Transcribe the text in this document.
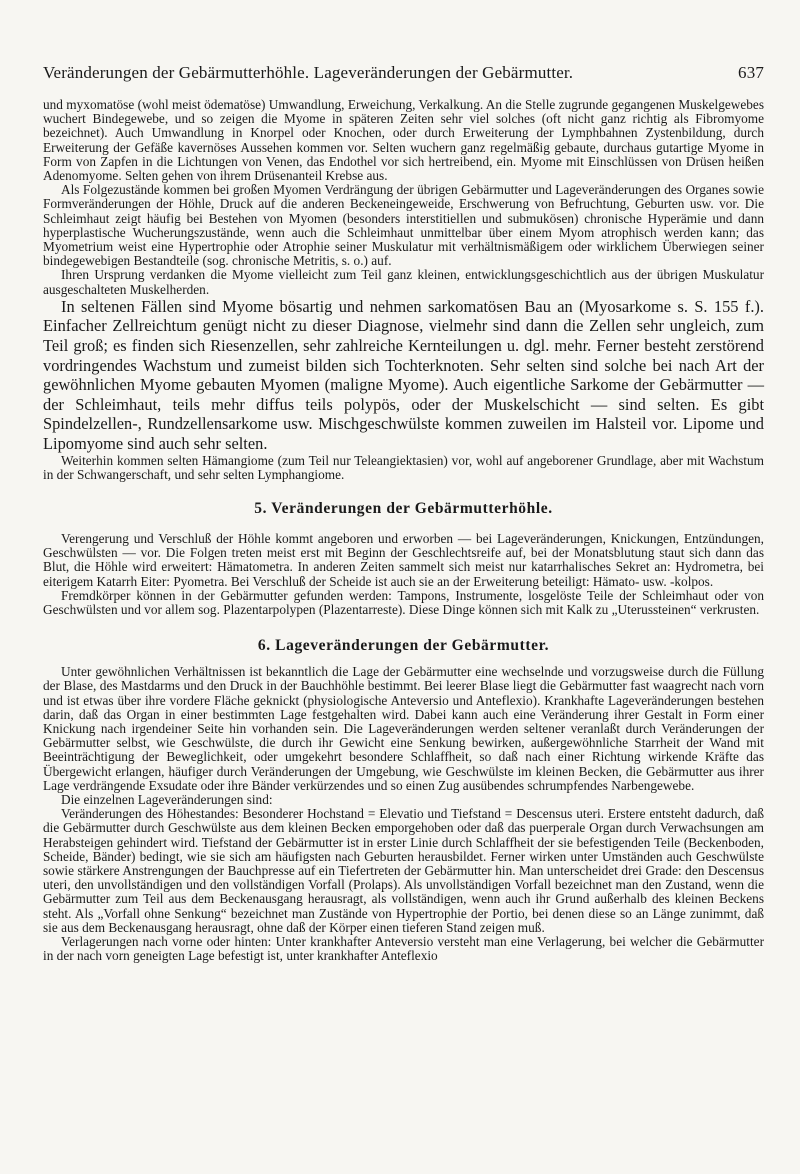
Veränderungen der Gebärmutterhöhle. Lageveränderungen der Gebärmutter.	637

und myxomatöse (wohl meist ödematöse) Umwandlung, Erweichung, Verkalkung. An die Stelle zugrunde gegangenen Muskelgewebes wuchert Bindegewebe, und so zeigen die Myome in späteren Zeiten sehr viel solches (oft nicht ganz richtig als Fibromyome bezeichnet). Auch Umwandlung in Knorpel oder Knochen, oder durch Erweiterung der Lymphbahnen Zystenbildung, durch Erweiterung der Gefäße kavernöses Aussehen kommen vor. Selten wuchern ganz regelmäßig gebaute, durchaus gutartige Myome in Form von Zapfen in die Lichtungen von Venen, das Endothel vor sich hertreibend, ein. Myome mit Einschlüssen von Drüsen heißen Adenomyome. Selten gehen von ihrem Drüsenanteil Krebse aus.

Als Folgezustände kommen bei großen Myomen Verdrängung der übrigen Gebärmutter und Lageveränderungen des Organes sowie Formveränderungen der Höhle, Druck auf die anderen Beckeneingeweide, Erschwerung von Befruchtung, Geburten usw. vor. Die Schleimhaut zeigt häufig bei Bestehen von Myomen (besonders interstitiellen und submukösen) chronische Hyperämie und dann hyperplastische Wucherungszustände, wenn auch die Schleimhaut unmittelbar über einem Myom atrophisch werden kann; das Myometrium weist eine Hypertrophie oder Atrophie seiner Muskulatur mit verhältnismäßigem oder wirklichem Überwiegen seiner bindegewebigen Bestandteile (sog. chronische Metritis, s. o.) auf.

Ihren Ursprung verdanken die Myome vielleicht zum Teil ganz kleinen, entwicklungsgeschichtlich aus der übrigen Muskulatur ausgeschalteten Muskelherden.

In seltenen Fällen sind Myome bösartig und nehmen sarkomatösen Bau an (Myosarkome s. S. 155 f.). Einfacher Zellreichtum genügt nicht zu dieser Diagnose, vielmehr sind dann die Zellen sehr ungleich, zum Teil groß; es finden sich Riesenzellen, sehr zahlreiche Kernteilungen u. dgl. mehr. Ferner besteht zerstörend vordringendes Wachstum und zumeist bilden sich Tochterknoten. Sehr selten sind solche bei nach Art der gewöhnlichen Myome gebauten Myomen (maligne Myome). Auch eigentliche Sarkome der Gebärmutter — der Schleimhaut, teils mehr diffus teils polypös, oder der Muskelschicht — sind selten. Es gibt Spindelzellen-, Rundzellensarkome usw. Mischgeschwülste kommen zuweilen im Halsteil vor. Lipome und Lipomyome sind auch sehr selten.

Weiterhin kommen selten Hämangiome (zum Teil nur Teleangiektasien) vor, wohl auf angeborener Grundlage, aber mit Wachstum in der Schwangerschaft, und sehr selten Lymphangiome.

5. Veränderungen der Gebärmutterhöhle.

Verengerung und Verschluß der Höhle kommt angeboren und erworben — bei Lageveränderungen, Knickungen, Entzündungen, Geschwülsten — vor. Die Folgen treten meist erst mit Beginn der Geschlechtsreife auf, bei der Monatsblutung staut sich dann das Blut, die Höhle wird erweitert: Hämatometra. In anderen Zeiten sammelt sich meist nur katarrhalisches Sekret an: Hydrometra, bei eiterigem Katarrh Eiter: Pyometra. Bei Verschluß der Scheide ist auch sie an der Erweiterung beteiligt: Hämato- usw. -kolpos.

Fremdkörper können in der Gebärmutter gefunden werden: Tampons, Instrumente, losgelöste Teile der Schleimhaut oder von Geschwülsten und vor allem sog. Plazentarpolypen (Plazentarreste). Diese Dinge können sich mit Kalk zu „Uterussteinen“ verkrusten.

6. Lageveränderungen der Gebärmutter.

Unter gewöhnlichen Verhältnissen ist bekanntlich die Lage der Gebärmutter eine wechselnde und vorzugsweise durch die Füllung der Blase, des Mastdarms und den Druck in der Bauchhöhle bestimmt. Bei leerer Blase liegt die Gebärmutter fast waagrecht nach vorn und ist etwas über ihre vordere Fläche geknickt (physiologische Anteversio und Anteflexio). Krankhafte Lageveränderungen bestehen darin, daß das Organ in einer bestimmten Lage festgehalten wird. Dabei kann auch eine Veränderung ihrer Gestalt in Form einer Knickung nach irgendeiner Seite hin vorhanden sein. Die Lageveränderungen werden seltener veranlaßt durch Veränderungen der Gebärmutter selbst, wie Geschwülste, die durch ihr Gewicht eine Senkung bewirken, außergewöhnliche Starrheit der Wand mit Beeinträchtigung der Beweglichkeit, oder umgekehrt besondere Schlaffheit, so daß nach einer Richtung wirkende Kräfte das Übergewicht erlangen, häufiger durch Veränderungen der Umgebung, wie Geschwülste im kleinen Becken, die Gebärmutter aus ihrer Lage verdrängende Exsudate oder ihre Bänder verkürzendes und so einen Zug ausübendes schrumpfendes Narbengewebe.

Die einzelnen Lageveränderungen sind:

Veränderungen des Höhestandes: Besonderer Hochstand = Elevatio und Tiefstand = Descensus uteri. Erstere entsteht dadurch, daß die Gebärmutter durch Geschwülste aus dem kleinen Becken emporgehoben oder daß das puerperale Organ durch Verwachsungen am Herabsteigen gehindert wird. Tiefstand der Gebärmutter ist in erster Linie durch Schlaffheit der sie befestigenden Teile (Beckenboden, Scheide, Bänder) bedingt, wie sie sich am häufigsten nach Geburten herausbildet. Ferner wirken unter Umständen auch Geschwülste sowie stärkere Anstrengungen der Bauchpresse auf ein Tiefertreten der Gebärmutter hin. Man unterscheidet drei Grade: den Descensus uteri, den unvollständigen und den vollständigen Vorfall (Prolaps). Als unvollständigen Vorfall bezeichnet man den Zustand, wenn die Gebärmutter zum Teil aus dem Beckenausgang herausragt, als vollständigen, wenn auch ihr Grund außerhalb des kleinen Beckens steht. Als „Vorfall ohne Senkung“ bezeichnet man Zustände von Hypertrophie der Portio, bei denen diese so an Länge zunimmt, daß sie aus dem Beckenausgang herausragt, ohne daß der Körper einen tieferen Stand zeigen muß.

Verlagerungen nach vorne oder hinten: Unter krankhafter Anteversio versteht man eine Verlagerung, bei welcher die Gebärmutter in der nach vorn geneigten Lage befestigt ist, unter krankhafter Anteflexio
